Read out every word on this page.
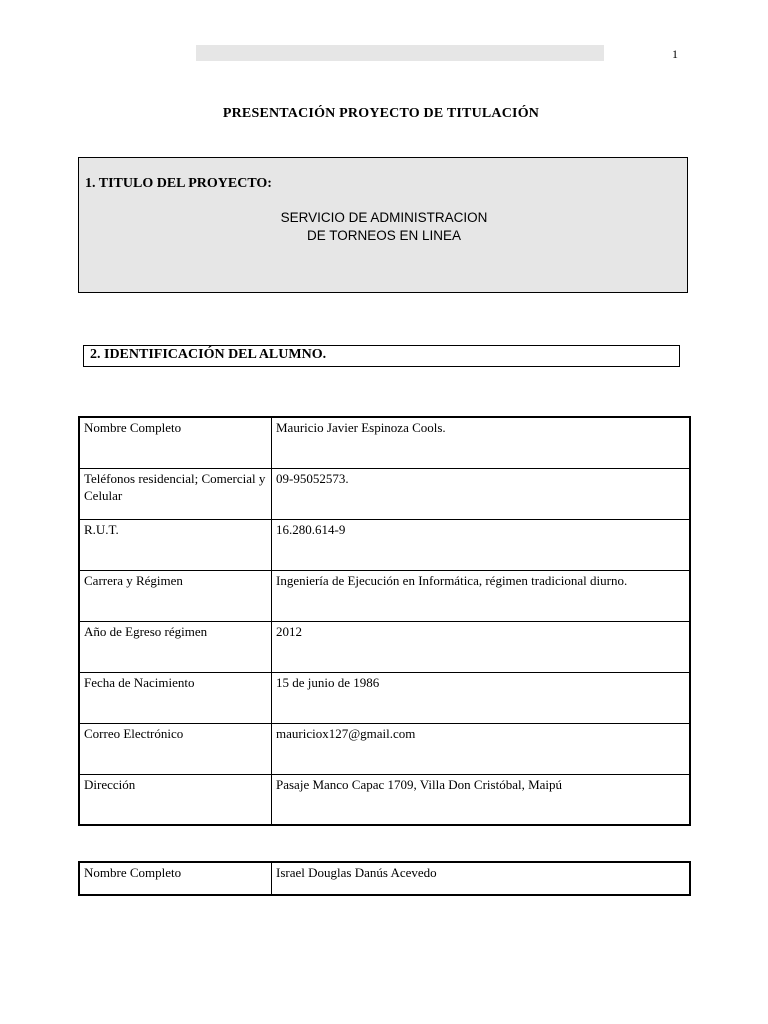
1
PRESENTACIÓN PROYECTO DE TITULACIÓN
1. TITULO DEL PROYECTO:
SERVICIO DE ADMINISTRACION
DE TORNEOS EN LINEA
2. IDENTIFICACIÓN DEL ALUMNO.
Nombre Completo	Mauricio Javier Espinoza Cools.
Teléfonos residencial; Comercial y Celular	09-95052573.
R.U.T.	16.280.614-9
Carrera y Régimen	Ingeniería de Ejecución en Informática, régimen tradicional diurno.
Año de Egreso régimen	2012
Fecha de Nacimiento	15 de junio de 1986
Correo Electrónico	mauriciox127@gmail.com
Dirección	Pasaje Manco Capac 1709, Villa Don Cristóbal, Maipú
Nombre Completo	Israel Douglas Danús Acevedo
